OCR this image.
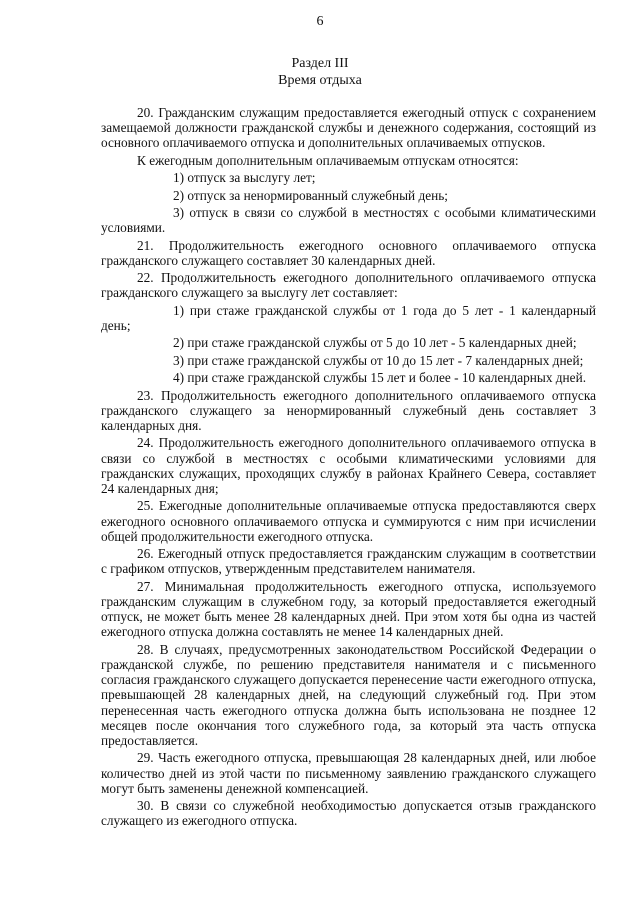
6
Раздел III
Время отдыха

20. Гражданским служащим предоставляется ежегодный отпуск с сохранением замещаемой должности гражданской службы и денежного содержания, состоящий из основного оплачиваемого отпуска и дополнительных оплачиваемых отпусков.

К ежегодным дополнительным оплачиваемым отпускам относятся:

1) отпуск за выслугу лет;

2) отпуск за ненормированный служебный день;

3) отпуск в связи со службой в местностях с особыми климатическими условиями.

21. Продолжительность ежегодного основного оплачиваемого отпуска гражданского служащего составляет 30 календарных дней.

22. Продолжительность ежегодного дополнительного оплачиваемого отпуска гражданского служащего за выслугу лет составляет:

1) при стаже гражданской службы от 1 года до 5 лет - 1 календарный день;

2) при стаже гражданской службы от 5 до 10 лет - 5 календарных дней;

3) при стаже гражданской службы от 10 до 15 лет - 7 календарных дней;

4) при стаже гражданской службы 15 лет и более - 10 календарных дней.

23. Продолжительность ежегодного дополнительного оплачиваемого отпуска гражданского служащего за ненормированный служебный день составляет 3 календарных дня.

24. Продолжительность ежегодного дополнительного оплачиваемого отпуска в связи со службой в местностях с особыми климатическими условиями для гражданских служащих, проходящих службу в районах Крайнего Севера, составляет 24 календарных дня;

25. Ежегодные дополнительные оплачиваемые отпуска предоставляются сверх ежегодного основного оплачиваемого отпуска и суммируются с ним при исчислении общей продолжительности ежегодного отпуска.

26. Ежегодный отпуск предоставляется гражданским служащим в соответствии с графиком отпусков, утвержденным представителем нанимателя.

27. Минимальная продолжительность ежегодного отпуска, используемого гражданским служащим в служебном году, за который предоставляется ежегодный отпуск, не может быть менее 28 календарных дней. При этом хотя бы одна из частей ежегодного отпуска должна составлять не менее 14 календарных дней.

28. В случаях, предусмотренных законодательством Российской Федерации о гражданской службе, по решению представителя нанимателя и с письменного согласия гражданского служащего допускается перенесение части ежегодного отпуска, превышающей 28 календарных дней, на следующий служебный год. При этом перенесенная часть ежегодного отпуска должна быть использована не позднее 12 месяцев после окончания того служебного года, за который эта часть отпуска предоставляется.

29. Часть ежегодного отпуска, превышающая 28 календарных дней, или любое количество дней из этой части по письменному заявлению гражданского служащего могут быть заменены денежной компенсацией.

30. В связи со служебной необходимостью допускается отзыв гражданского служащего из ежегодного отпуска.
